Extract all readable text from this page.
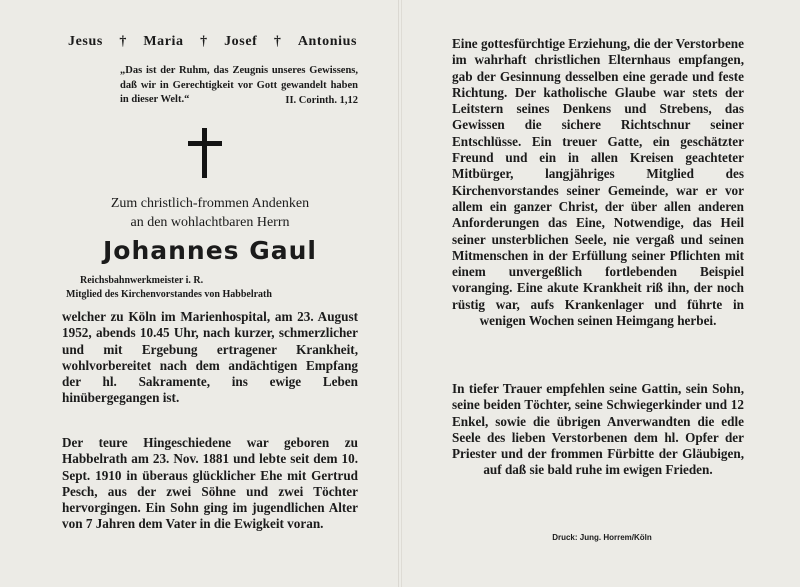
Jesus † Maria † Josef † Antonius
„Das ist der Ruhm, das Zeugnis unseres Gewissens, daß wir in Gerechtigkeit vor Gott gewandelt haben in dieser Welt.“	II. Corinth. 1,12
Zum christlich-frommen Andenken
an den wohlachtbaren Herrn
Johannes Gaul
Reichsbahnwerkmeister i. R.
Mitglied des Kirchenvorstandes von Habbelrath

welcher zu Köln im Marienhospital, am 23. August 1952, abends 10.45 Uhr, nach kurzer, schmerzlicher und mit Ergebung ertragener Krankheit, wohlvorbereitet nach dem andächtigen Empfang der hl. Sakramente, ins ewige Leben hinübergegangen ist.

Der teure Hingeschiedene war geboren zu Habbelrath am 23. Nov. 1881 und lebte seit dem 10. Sept. 1910 in überaus glücklicher Ehe mit Gertrud Pesch, aus der zwei Söhne und zwei Töchter hervorgingen. Ein Sohn ging im jugendlichen Alter von 7 Jahren dem Vater in die Ewigkeit voran.

Eine gottesfürchtige Erziehung, die der Verstorbene im wahrhaft christlichen Elternhaus empfangen, gab der Gesinnung desselben eine gerade und feste Richtung. Der katholische Glaube war stets der Leitstern seines Denkens und Strebens, das Gewissen die sichere Richtschnur seiner Entschlüsse. Ein treuer Gatte, ein geschätzter Freund und ein in allen Kreisen geachteter Mitbürger, langjähriges Mitglied des Kirchenvorstandes seiner Gemeinde, war er vor allem ein ganzer Christ, der über allen anderen Anforderungen das Eine, Notwendige, das Heil seiner unsterblichen Seele, nie vergaß und seinen Mitmenschen in der Erfüllung seiner Pflichten mit einem unvergeßlich fortlebenden Beispiel voranging. Eine akute Krankheit riß ihn, der noch rüstig war, aufs Krankenlager und führte in wenigen Wochen seinen Heimgang herbei.

In tiefer Trauer empfehlen seine Gattin, sein Sohn, seine beiden Töchter, seine Schwiegerkinder und 12 Enkel, sowie die übrigen Anverwandten die edle Seele des lieben Verstorbenen dem hl. Opfer der Priester und der frommen Fürbitte der Gläubigen, auf daß sie bald ruhe im ewigen Frieden.

Druck: Jung. Horrem/Köln
